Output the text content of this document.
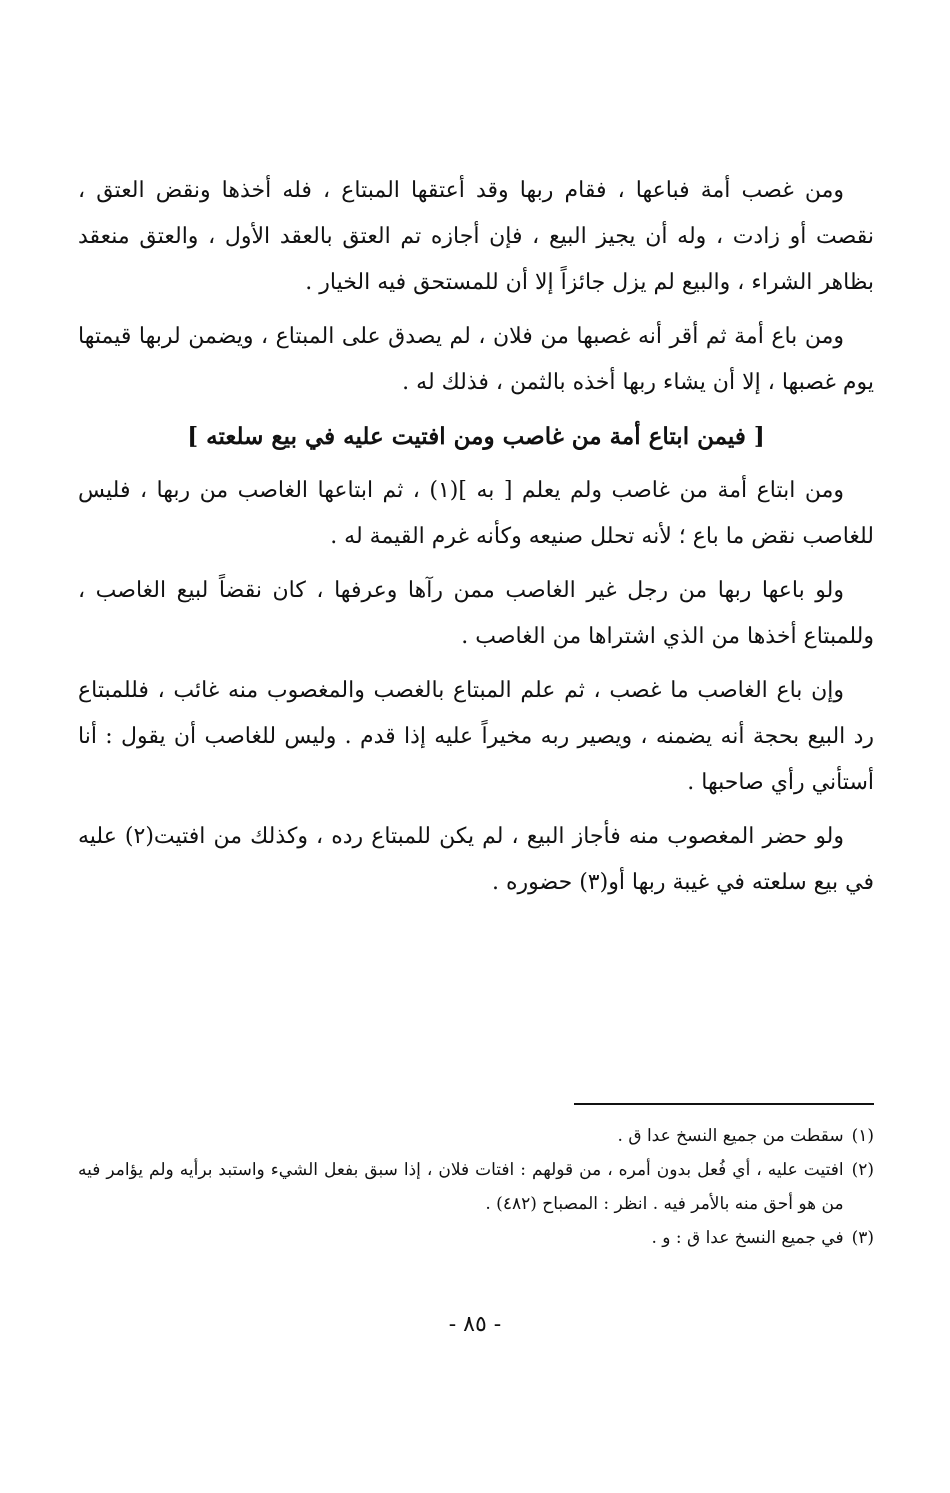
ومن غصب أمة فباعها ، فقام ربها وقد أعتقها المبتاع ، فله أخذها ونقض العتق ، نقصت أو زادت ، وله أن يجيز البيع ، فإن أجازه تم العتق بالعقد الأول ، والعتق منعقد بظاهر الشراء ، والبيع لم يزل جائزاً إلا أن للمستحق فيه الخيار .

ومن باع أمة ثم أقر أنه غصبها من فلان ، لم يصدق على المبتاع ، ويضمن لربها قيمتها يوم غصبها ، إلا أن يشاء ربها أخذه بالثمن ، فذلك له .

[ فيمن ابتاع أمة من غاصب ومن افتيت عليه في بيع سلعته ]

ومن ابتاع أمة من غاصب ولم يعلم [ به ](١) ، ثم ابتاعها الغاصب من ربها ، فليس للغاصب نقض ما باع ؛ لأنه تحلل صنيعه وكأنه غرم القيمة له .

ولو باعها ربها من رجل غير الغاصب ممن رآها وعرفها ، كان نقضاً لبيع الغاصب ، وللمبتاع أخذها من الذي اشتراها من الغاصب .

وإن باع الغاصب ما غصب ، ثم علم المبتاع بالغصب والمغصوب منه غائب ، فللمبتاع رد البيع بحجة أنه يضمنه ، ويصير ربه مخيراً عليه إذا قدم . وليس للغاصب أن يقول : أنا أستأني رأي صاحبها .

ولو حضر المغصوب منه فأجاز البيع ، لم يكن للمبتاع رده ، وكذلك من افتيت(٢) عليه في بيع سلعته في غيبة ربها أو(٣) حضوره .

(١)
سقطت من جميع النسخ عدا ق .
(٢)
افتيت عليه ، أي فُعل بدون أمره ، من قولهم : افتات فلان ، إذا سبق بفعل الشيء واستبد برأيه ولم يؤامر فيه من هو أحق منه بالأمر فيه . انظر : المصباح (٤٨٢) .
(٣)
في جميع النسخ عدا ق : و .
- ٨٥ -
